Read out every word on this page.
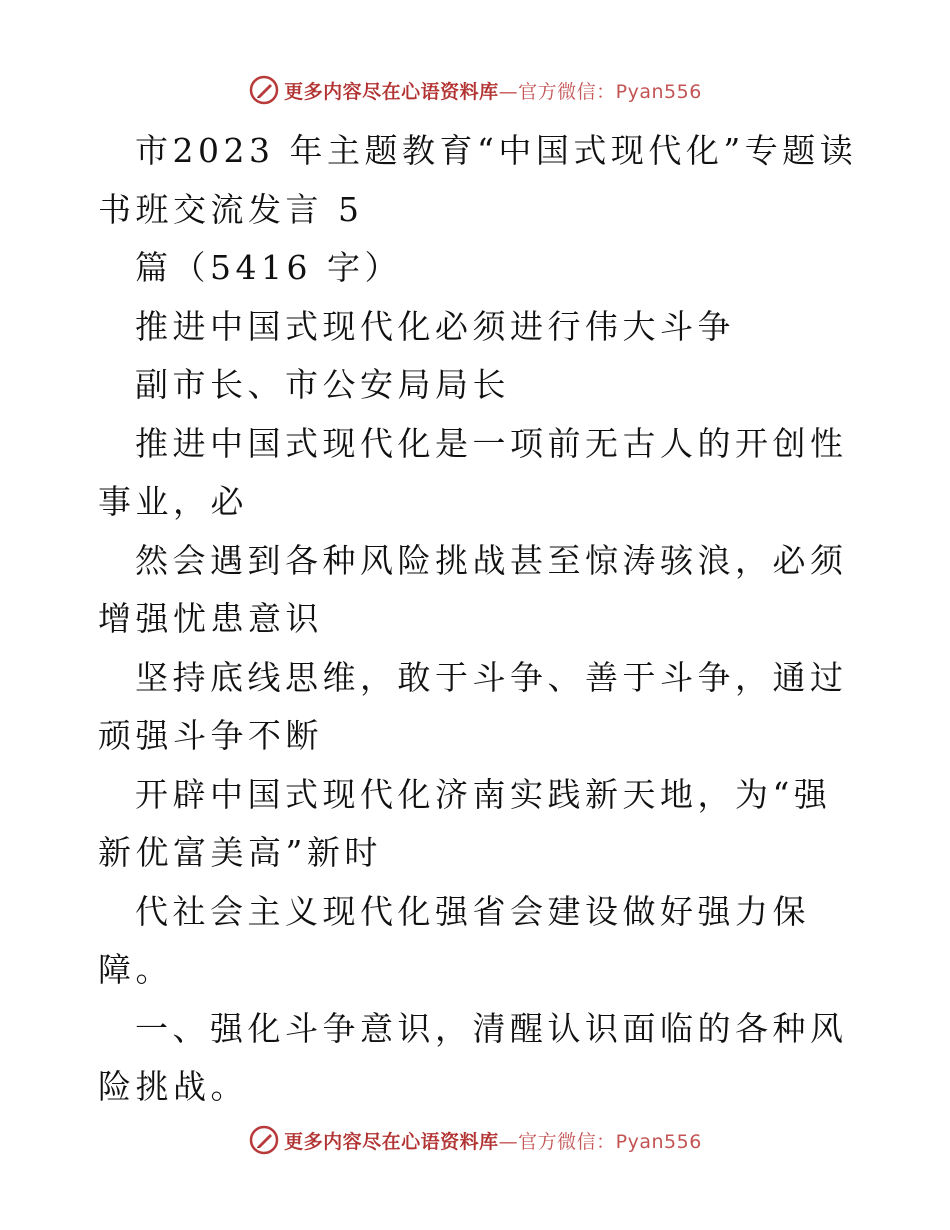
更多内容尽在心语资料库—官方微信：Pyan556

市2023 年主题教育“中国式现代化”专题读书班交流发言 5

篇（5416 字）

推进中国式现代化必须进行伟大斗争

副市长、市公安局局长

推进中国式现代化是一项前无古人的开创性事业，必

然会遇到各种风险挑战甚至惊涛骇浪，必须增强忧患意识

坚持底线思维，敢于斗争、善于斗争，通过顽强斗争不断

开辟中国式现代化济南实践新天地，为“强新优富美高”新时

代社会主义现代化强省会建设做好强力保障。

一、强化斗争意识，清醒认识面临的各种风险挑战。

更多内容尽在心语资料库—官方微信：Pyan556
